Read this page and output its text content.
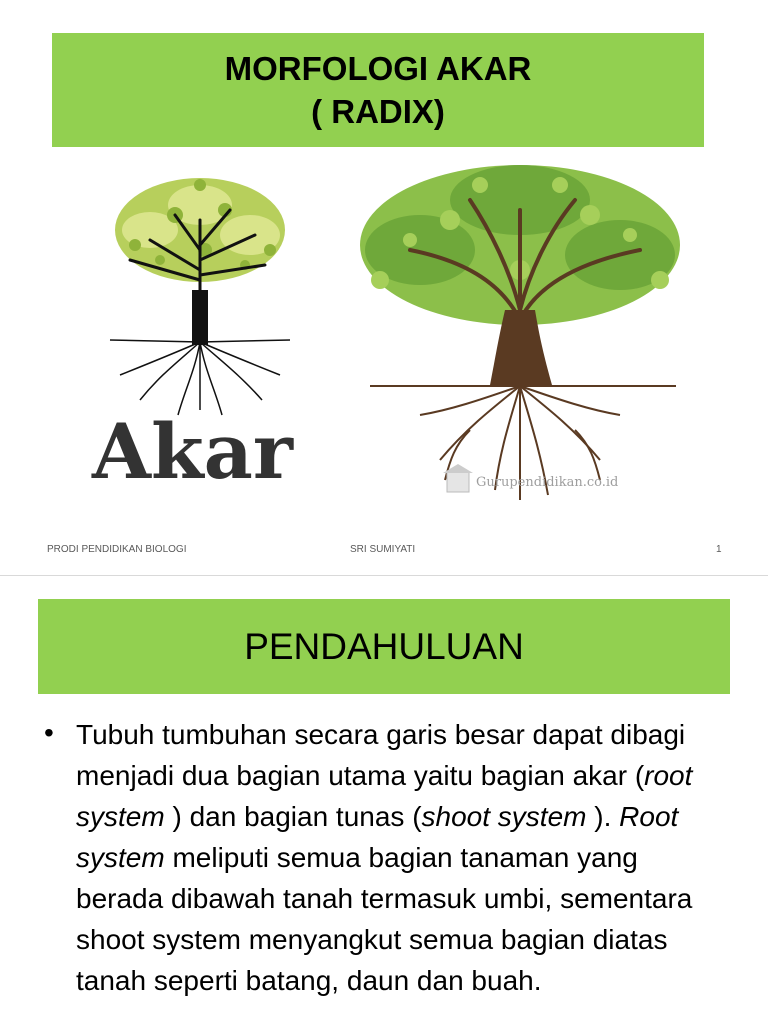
MORFOLOGI AKAR
( RADIX)
Akar	Gurupendidikan.co.id
PRODI PENDIDIKAN BIOLOGI	SRI SUMIYATI	1
PENDAHULUAN
• Tubuh tumbuhan secara garis besar dapat dibagi menjadi dua bagian utama yaitu bagian akar (root system ) dan bagian tunas (shoot system ). Root system meliputi semua bagian tanaman yang berada dibawah tanah termasuk umbi, sementara shoot system menyangkut semua bagian diatas tanah seperti batang, daun dan buah.
